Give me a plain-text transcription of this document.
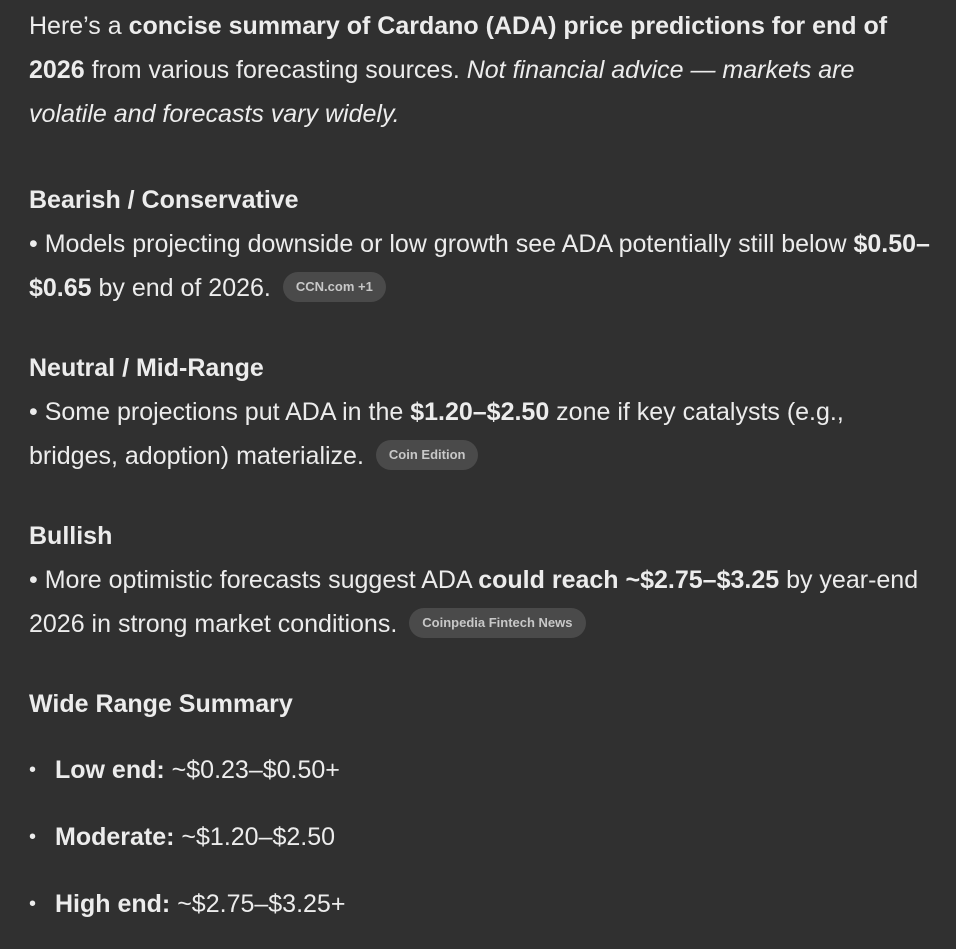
Here’s a concise summary of Cardano (ADA) price predictions for end of 2026 from various forecasting sources. Not financial advice — markets are volatile and forecasts vary widely.

Bearish / Conservative

• Models projecting downside or low growth see ADA potentially still below $0.50–$0.65 by end of 2026. CCN.com +1

Neutral / Mid-Range

• Some projections put ADA in the $1.20–$2.50 zone if key catalysts (e.g., bridges, adoption) materialize. Coin Edition

Bullish

• More optimistic forecasts suggest ADA could reach ~$2.75–$3.25 by year-end 2026 in strong market conditions. Coinpedia Fintech News

Wide Range Summary

• Low end: ~$0.23–$0.50+
• Moderate: ~$1.20–$2.50
• High end: ~$2.75–$3.25+
